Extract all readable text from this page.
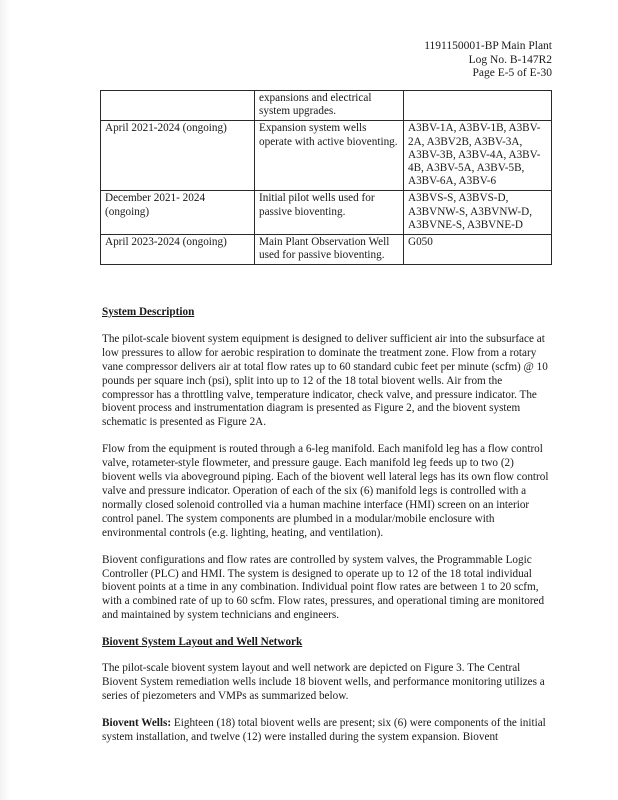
1191150001-BP Main Plant
Log No. B-147R2
Page E-5 of E-30
	expansions and electrical system upgrades.	
April 2021-2024 (ongoing)	Expansion system wells operate with active bioventing.	A3BV-1A, A3BV-1B, A3BV-2A, A3BV2B, A3BV-3A, A3BV-3B, A3BV-4A, A3BV-4B, A3BV-5A, A3BV-5B, A3BV-6A, A3BV-6
December 2021- 2024 (ongoing)	Initial pilot wells used for passive bioventing.	A3BVS-S, A3BVS-D, A3BVNW-S, A3BVNW-D, A3BVNE-S, A3BVNE-D
April 2023-2024 (ongoing)	Main Plant Observation Well used for passive bioventing.	G050

System Description

The pilot-scale biovent system equipment is designed to deliver sufficient air into the subsurface at low pressures to allow for aerobic respiration to dominate the treatment zone. Flow from a rotary vane compressor delivers air at total flow rates up to 60 standard cubic feet per minute (scfm) @ 10 pounds per square inch (psi), split into up to 12 of the 18 total biovent wells. Air from the compressor has a throttling valve, temperature indicator, check valve, and pressure indicator. The biovent process and instrumentation diagram is presented as Figure 2, and the biovent system schematic is presented as Figure 2A.

Flow from the equipment is routed through a 6-leg manifold. Each manifold leg has a flow control valve, rotameter-style flowmeter, and pressure gauge. Each manifold leg feeds up to two (2) biovent wells via aboveground piping. Each of the biovent well lateral legs has its own flow control valve and pressure indicator. Operation of each of the six (6) manifold legs is controlled with a normally closed solenoid controlled via a human machine interface (HMI) screen on an interior control panel. The system components are plumbed in a modular/mobile enclosure with environmental controls (e.g. lighting, heating, and ventilation).

Biovent configurations and flow rates are controlled by system valves, the Programmable Logic Controller (PLC) and HMI. The system is designed to operate up to 12 of the 18 total individual biovent points at a time in any combination. Individual point flow rates are between 1 to 20 scfm, with a combined rate of up to 60 scfm. Flow rates, pressures, and operational timing are monitored and maintained by system technicians and engineers.

Biovent System Layout and Well Network

The pilot-scale biovent system layout and well network are depicted on Figure 3. The Central Biovent System remediation wells include 18 biovent wells, and performance monitoring utilizes a series of piezometers and VMPs as summarized below.

Biovent Wells: Eighteen (18) total biovent wells are present; six (6) were components of the initial system installation, and twelve (12) were installed during the system expansion. Biovent
